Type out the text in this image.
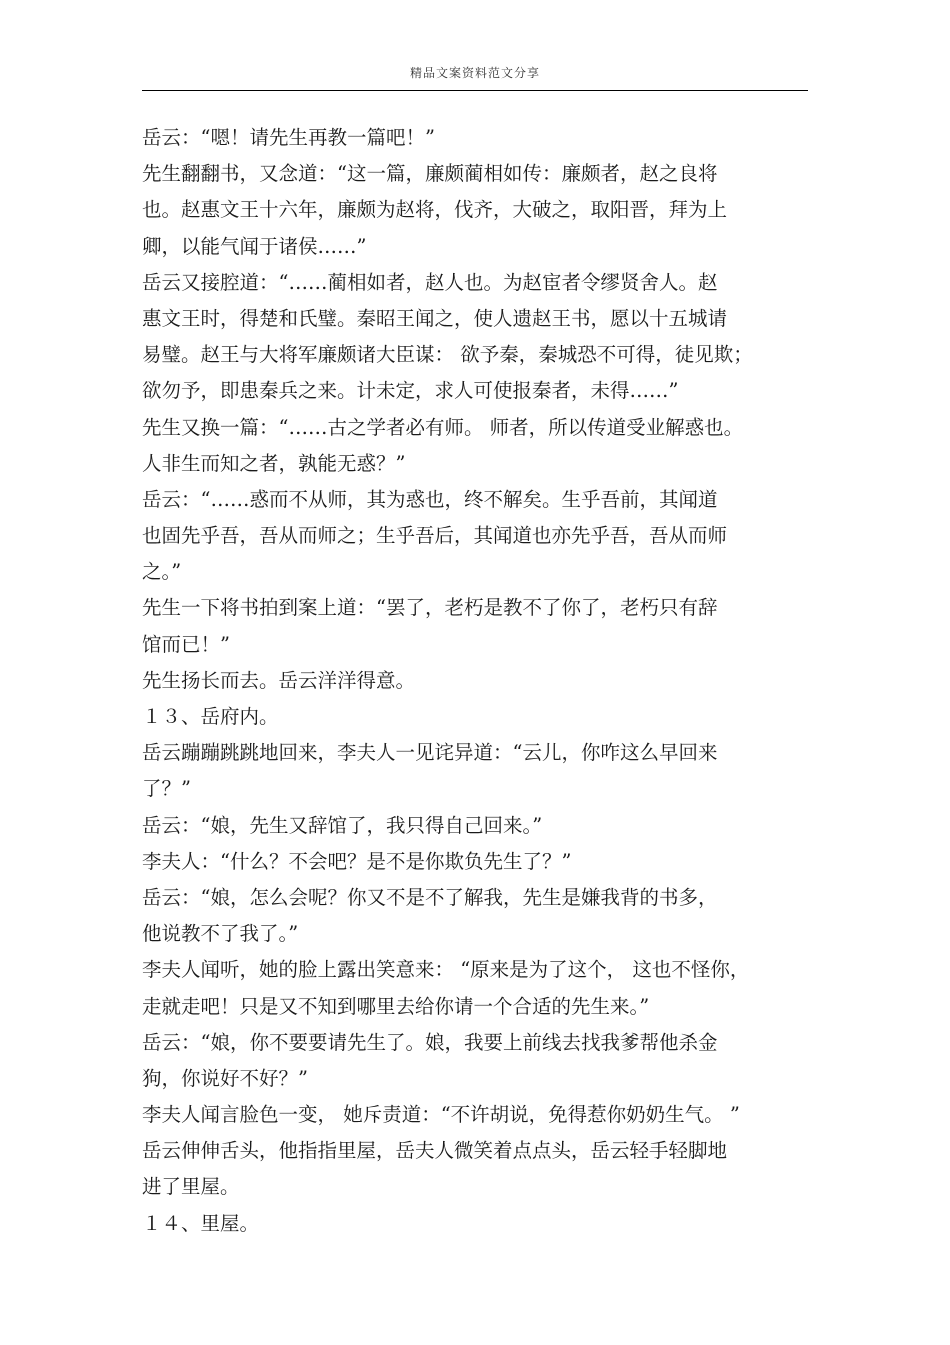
精品文案资料范文分享
岳云：“嗯！请先生再教一篇吧！”
先生翻翻书，又念道：“这一篇，廉颇蔺相如传：廉颇者，赵之良将
也。赵惠文王十六年，廉颇为赵将，伐齐，大破之，取阳晋，拜为上
卿，以能气闻于诸侯……”
岳云又接腔道：“……蔺相如者，赵人也。为赵宦者令缪贤舍人。赵
惠文王时，得楚和氏璧。秦昭王闻之，使人遗赵王书，愿以十五城请
易璧。赵王与大将军廉颇诸大臣谋： 欲予秦，秦城恐不可得，徒见欺；
欲勿予，即患秦兵之来。计未定，求人可使报秦者，未得……”
先生又换一篇：“……古之学者必有师。 师者，所以传道受业解惑也。
人非生而知之者，孰能无惑？”
岳云：“……惑而不从师，其为惑也，终不解矣。生乎吾前，其闻道
也固先乎吾，吾从而师之；生乎吾后，其闻道也亦先乎吾，吾从而师
之。”
先生一下将书拍到案上道：“罢了，老朽是教不了你了，老朽只有辞
馆而已！”
先生扬长而去。岳云洋洋得意。
１３、岳府内。
岳云蹦蹦跳跳地回来，李夫人一见诧异道：“云儿，你咋这么早回来
了？”
岳云：“娘，先生又辞馆了，我只得自己回来。”
李夫人：“什么？不会吧？是不是你欺负先生了？”
岳云：“娘，怎么会呢？你又不是不了解我，先生是嫌我背的书多，
他说教不了我了。”
李夫人闻听，她的脸上露出笑意来： “原来是为了这个， 这也不怪你，
走就走吧！只是又不知到哪里去给你请一个合适的先生来。”
岳云：“娘，你不要要请先生了。娘，我要上前线去找我爹帮他杀金
狗，你说好不好？”
李夫人闻言脸色一变， 她斥责道：“不许胡说，免得惹你奶奶生气。 ”
岳云伸伸舌头，他指指里屋，岳夫人微笑着点点头，岳云轻手轻脚地
进了里屋。
１４、里屋。
